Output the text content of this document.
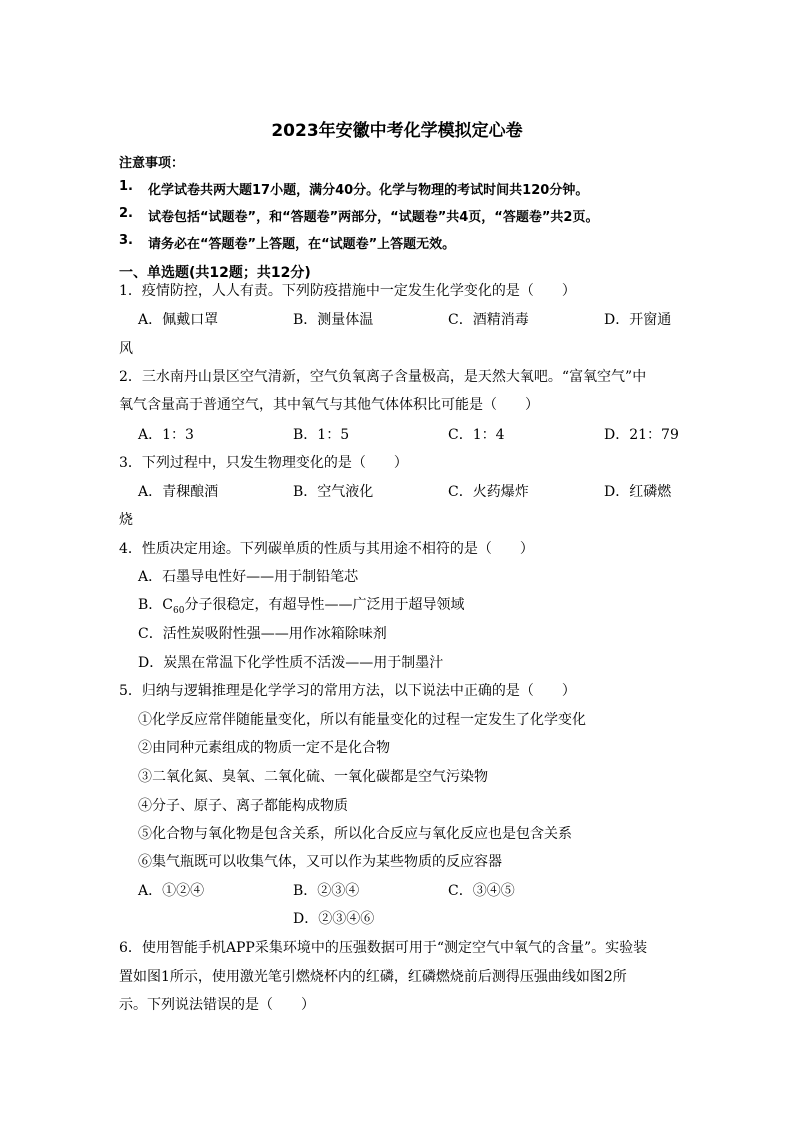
2023年安徽中考化学模拟定心卷
注意事项：
1. 化学试卷共两大题17小题，满分40分。化学与物理的考试时间共120分钟。
2. 试卷包括“试题卷”，和“答题卷”两部分，“试题卷”共4页，“答题卷”共2页。
3. 请务必在“答题卷”上答题，在“试题卷”上答题无效。
一、单选题(共12题；共12分)
1．疫情防控，人人有责。下列防疫措施中一定发生化学变化的是（　　）
A．佩戴口罩	B．测量体温	C．酒精消毒	D．开窗通
风
2．三水南丹山景区空气清新，空气负氧离子含量极高，是天然大氧吧。“富氧空气”中
氧气含量高于普通空气，其中氧气与其他气体体积比可能是（　　）
A．1：3	B．1：5	C．1：4	D．21：79
3．下列过程中，只发生物理变化的是（　　）
A．青稞酿酒	B．空气液化	C．火药爆炸	D．红磷燃
烧
4．性质决定用途。下列碳单质的性质与其用途不相符的是（　　）
A．石墨导电性好——用于制铅笔芯
B．$C_{60}$分子很稳定，有超导性——广泛用于超导领域
C．活性炭吸附性强——用作冰箱除味剂
D．炭黑在常温下化学性质不活泼——用于制墨汁
5．归纳与逻辑推理是化学学习的常用方法，以下说法中正确的是（　　）
①化学反应常伴随能量变化，所以有能量变化的过程一定发生了化学变化
②由同种元素组成的物质一定不是化合物
③二氧化氮、臭氧、二氧化硫、一氧化碳都是空气污染物
④分子、原子、离子都能构成物质
⑤化合物与氧化物是包含关系，所以化合反应与氧化反应也是包含关系
⑥集气瓶既可以收集气体，又可以作为某些物质的反应容器
A．①②④	B．②③④	C．③④⑤
D．②③④⑥
6．使用智能手机APP采集环境中的压强数据可用于“测定空气中氧气的含量”。实验装
置如图1所示，使用激光笔引燃烧杯内的红磷，红磷燃烧前后测得压强曲线如图2所
示。下列说法错误的是（　　）
